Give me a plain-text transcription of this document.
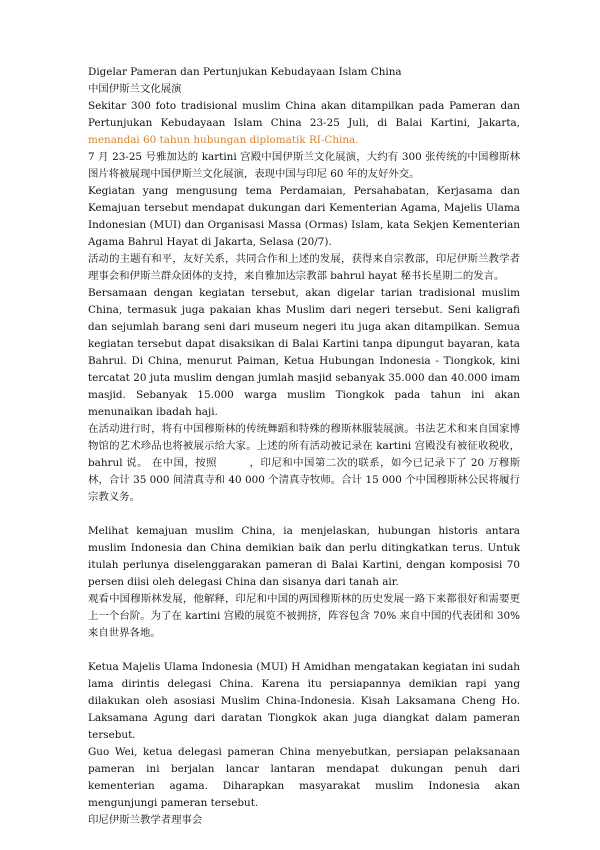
Digelar Pameran dan Pertunjukan Kebudayaan Islam China

中国伊斯兰文化展演

Sekitar 300 foto tradisional muslim China akan ditampilkan pada Pameran dan Pertunjukan Kebudayaan Islam China 23-25 Juli, di Balai Kartini, Jakarta, menandai 60 tahun hubungan diplomatik RI-China.

7 月 23-25 号雅加达的 kartini 宫殿中国伊斯兰文化展演，大约有 300 张传统的中国穆斯林图片将被展现中国伊斯兰文化展演，表现中国与印尼 60 年的友好外交。

Kegiatan yang mengusung tema Perdamaian, Persahabatan, Kerjasama dan Kemajuan tersebut mendapat dukungan dari Kementerian Agama, Majelis Ulama Indonesian (MUI) dan Organisasi Massa (Ormas) Islam, kata Sekjen Kementerian Agama Bahrul Hayat di Jakarta, Selasa (20/7).

活动的主题有和平，友好关系，共同合作和上述的发展，获得来自宗教部，印尼伊斯兰教学者理事会和伊斯兰群众团体的支持，来自雅加达宗教部 bahrul hayat 秘书长星期二的发言。

Bersamaan dengan kegiatan tersebut, akan digelar tarian tradisional muslim China, termasuk juga pakaian khas Muslim dari negeri tersebut. Seni kaligrafi dan sejumlah barang seni dari museum negeri itu juga akan ditampilkan. Semua kegiatan tersebut dapat disaksikan di Balai Kartini tanpa dipungut bayaran, kata Bahrul. Di China, menurut Paiman, Ketua Hubungan Indonesia - Tiongkok, kini tercatat 20 juta muslim dengan jumlah masjid sebanyak 35.000 dan 40.000 imam masjid. Sebanyak 15.000 warga muslim Tiongkok pada tahun ini akan menunaikan ibadah haji.

在活动进行时，将有中国穆斯林的传统舞蹈和特殊的穆斯林服装展演。书法艺术和来自国家博物馆的艺术珍品也将被展示给大家。上述的所有活动被记录在 kartini 宫殿没有被征收税收，bahrul 说。 在中国，按照　　　，印尼和中国第二次的联系，如今已记录下了 20 万穆斯林，合计 35 000 间清真寺和 40 000 个清真寺牧师。合计 15 000 个中国穆斯林公民将履行宗教义务。

Melihat kemajuan muslim China, ia menjelaskan, hubungan historis antara muslim Indonesia dan China demikian baik dan perlu ditingkatkan terus. Untuk itulah perlunya diselenggarakan pameran di Balai Kartini, dengan komposisi 70 persen diisi oleh delegasi China dan sisanya dari tanah air.

观看中国穆斯林发展，他解释，印尼和中国的两国穆斯林的历史发展一路下来都很好和需要更上一个台阶。为了在 kartini 宫殿的展览不被拥挤，阵容包含 70% 来自中国的代表团和 30%来自世界各地。

Ketua Majelis Ulama Indonesia (MUI) H Amidhan mengatakan kegiatan ini sudah lama dirintis delegasi China. Karena itu persiapannya demikian rapi yang dilakukan oleh asosiasi Muslim China-Indonesia. Kisah Laksamana Cheng Ho. Laksamana Agung dari daratan Tiongkok akan juga diangkat dalam pameran tersebut.

Guo Wei, ketua delegasi pameran China menyebutkan, persiapan pelaksanaan pameran ini berjalan lancar lantaran mendapat dukungan penuh dari kementerian agama. Diharapkan masyarakat muslim Indonesia akan mengunjungi pameran tersebut.

印尼伊斯兰教学者理事会
